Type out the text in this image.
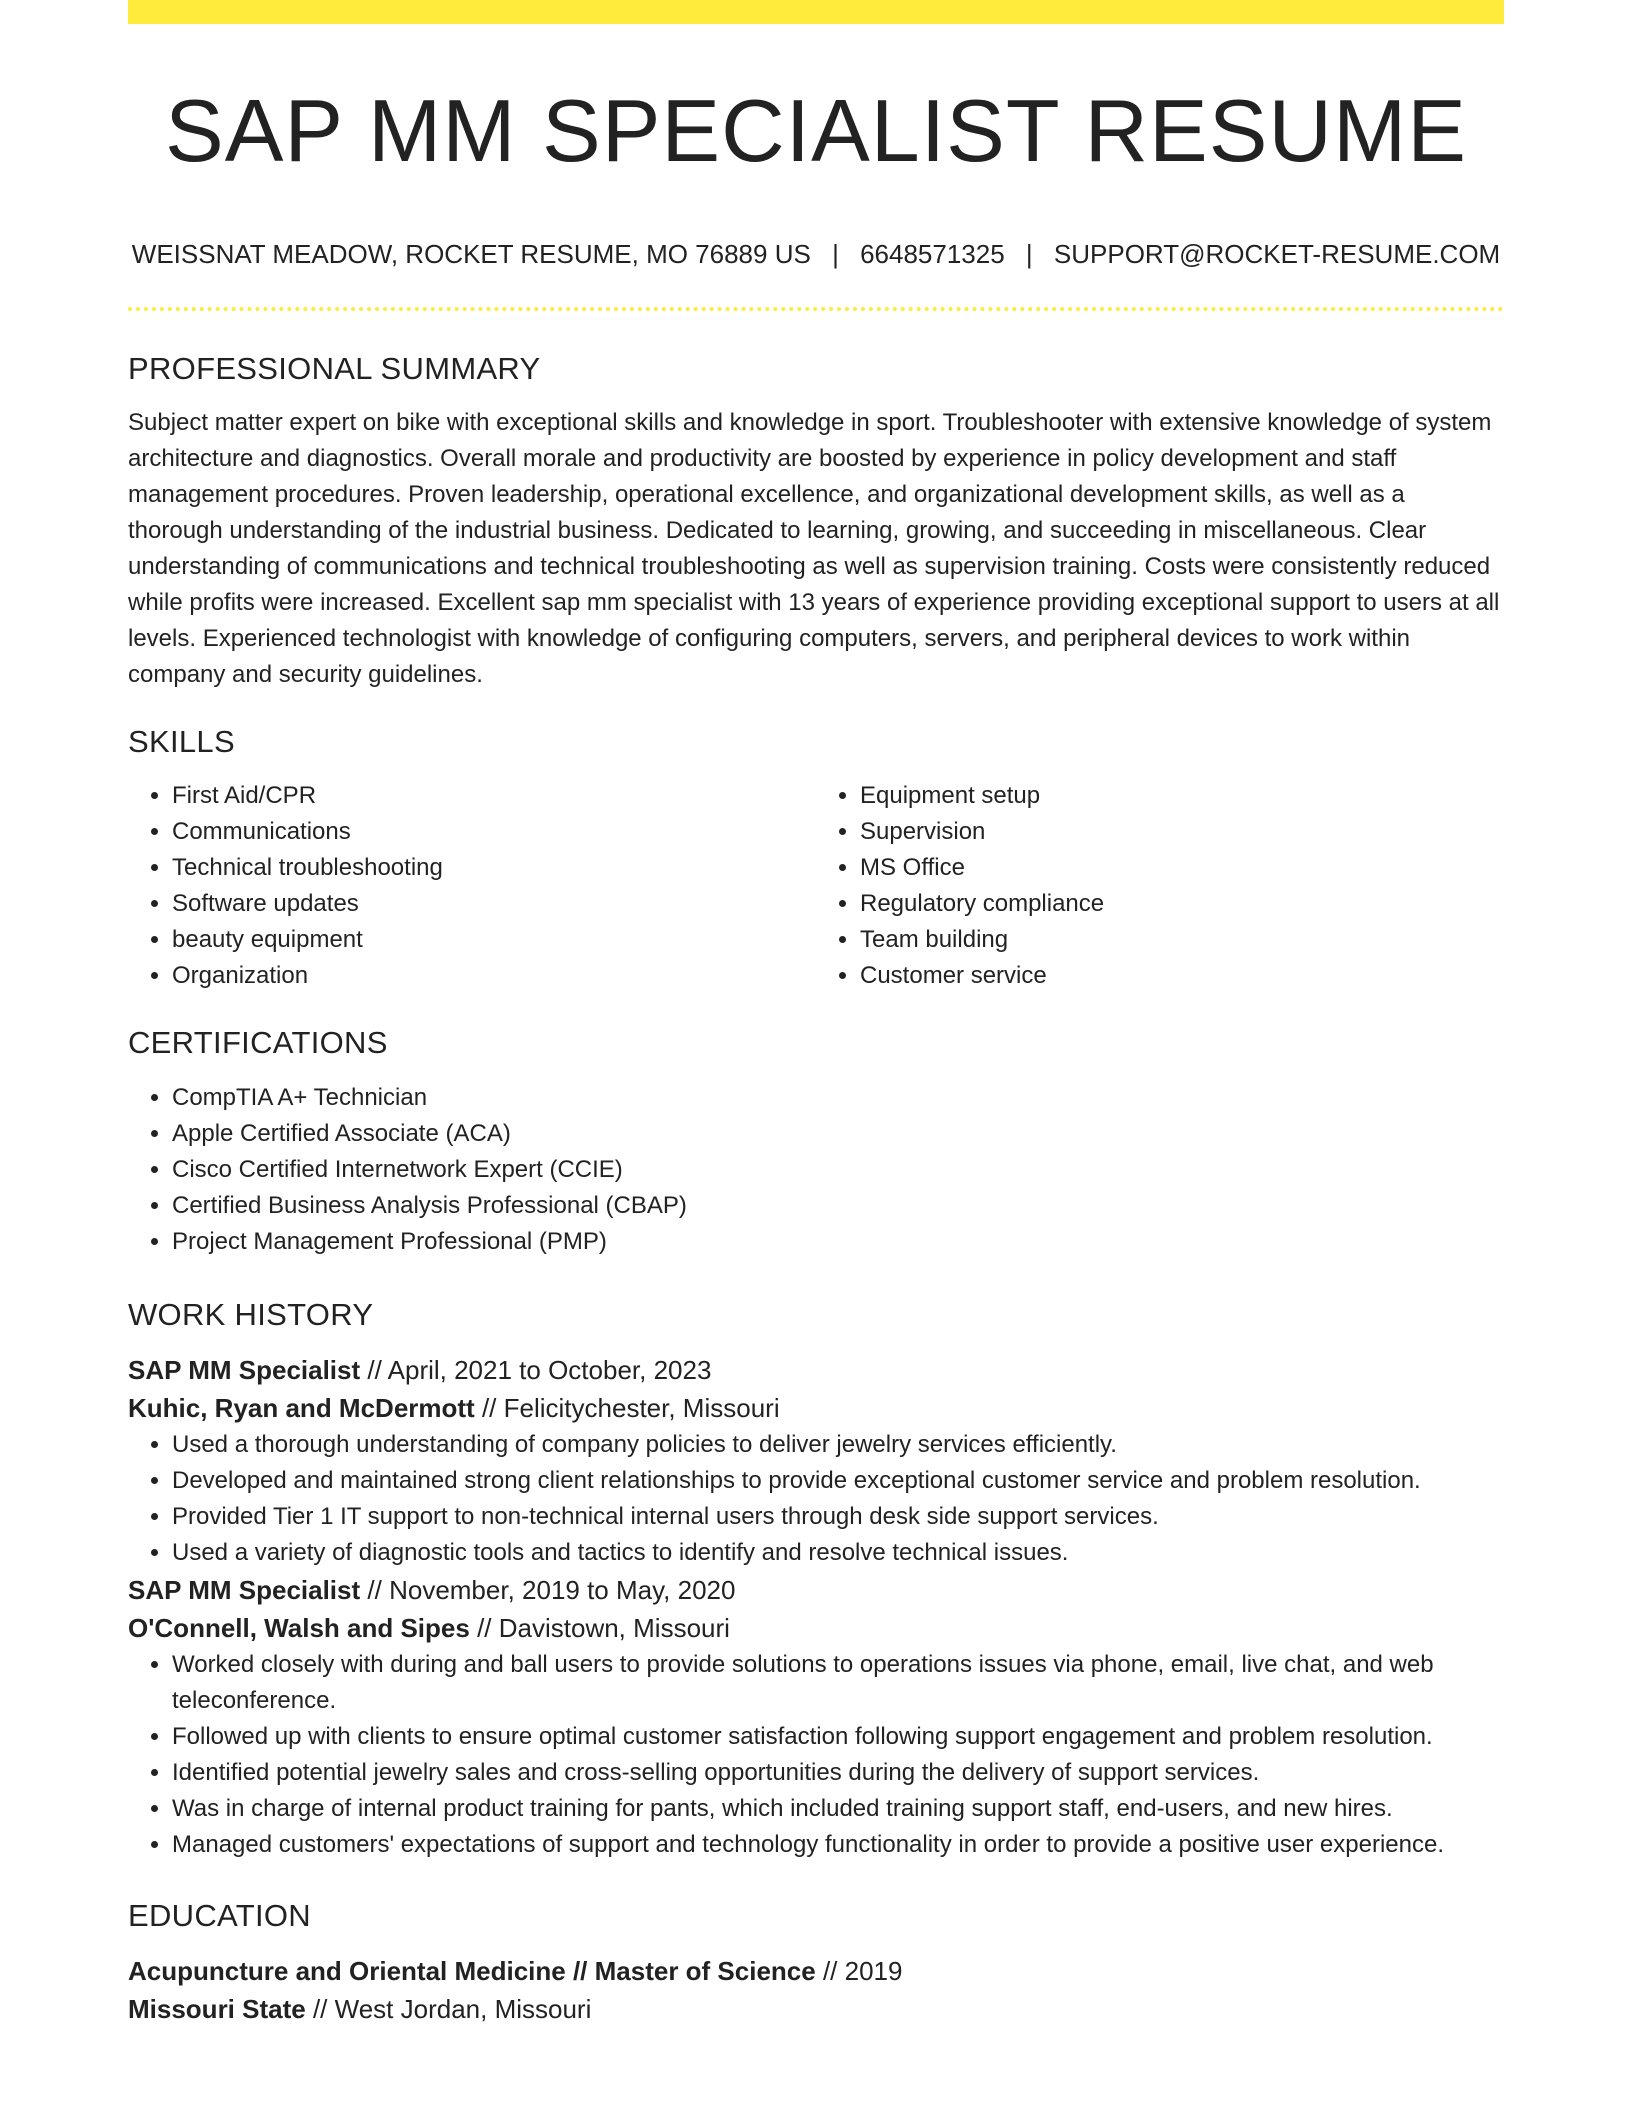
SAP MM SPECIALIST RESUME
WEISSNAT MEADOW, ROCKET RESUME, MO 76889 US | 6648571325 | SUPPORT@ROCKET-RESUME.COM
PROFESSIONAL SUMMARY

Subject matter expert on bike with exceptional skills and knowledge in sport. Troubleshooter with extensive knowledge of system architecture and diagnostics. Overall morale and productivity are boosted by experience in policy development and staff management procedures. Proven leadership, operational excellence, and organizational development skills, as well as a thorough understanding of the industrial business. Dedicated to learning, growing, and succeeding in miscellaneous. Clear understanding of communications and technical troubleshooting as well as supervision training. Costs were consistently reduced while profits were increased. Excellent sap mm specialist with 13 years of experience providing exceptional support to users at all levels. Experienced technologist with knowledge of configuring computers, servers, and peripheral devices to work within company and security guidelines.

SKILLS
• First Aid/CPR
• Communications
• Technical troubleshooting
• Software updates
• beauty equipment
• Organization
• Equipment setup
• Supervision
• MS Office
• Regulatory compliance
• Team building
• Customer service
CERTIFICATIONS
• CompTIA A+ Technician
• Apple Certified Associate (ACA)
• Cisco Certified Internetwork Expert (CCIE)
• Certified Business Analysis Professional (CBAP)
• Project Management Professional (PMP)
WORK HISTORY
SAP MM Specialist // April, 2021 to October, 2023
Kuhic, Ryan and McDermott // Felicitychester, Missouri
• Used a thorough understanding of company policies to deliver jewelry services efficiently.
• Developed and maintained strong client relationships to provide exceptional customer service and problem resolution.
• Provided Tier 1 IT support to non-technical internal users through desk side support services.
• Used a variety of diagnostic tools and tactics to identify and resolve technical issues.
SAP MM Specialist // November, 2019 to May, 2020
O'Connell, Walsh and Sipes // Davistown, Missouri
• Worked closely with during and ball users to provide solutions to operations issues via phone, email, live chat, and web teleconference.
• Followed up with clients to ensure optimal customer satisfaction following support engagement and problem resolution.
• Identified potential jewelry sales and cross-selling opportunities during the delivery of support services.
• Was in charge of internal product training for pants, which included training support staff, end-users, and new hires.
• Managed customers' expectations of support and technology functionality in order to provide a positive user experience.
EDUCATION
Acupuncture and Oriental Medicine // Master of Science // 2019
Missouri State // West Jordan, Missouri
